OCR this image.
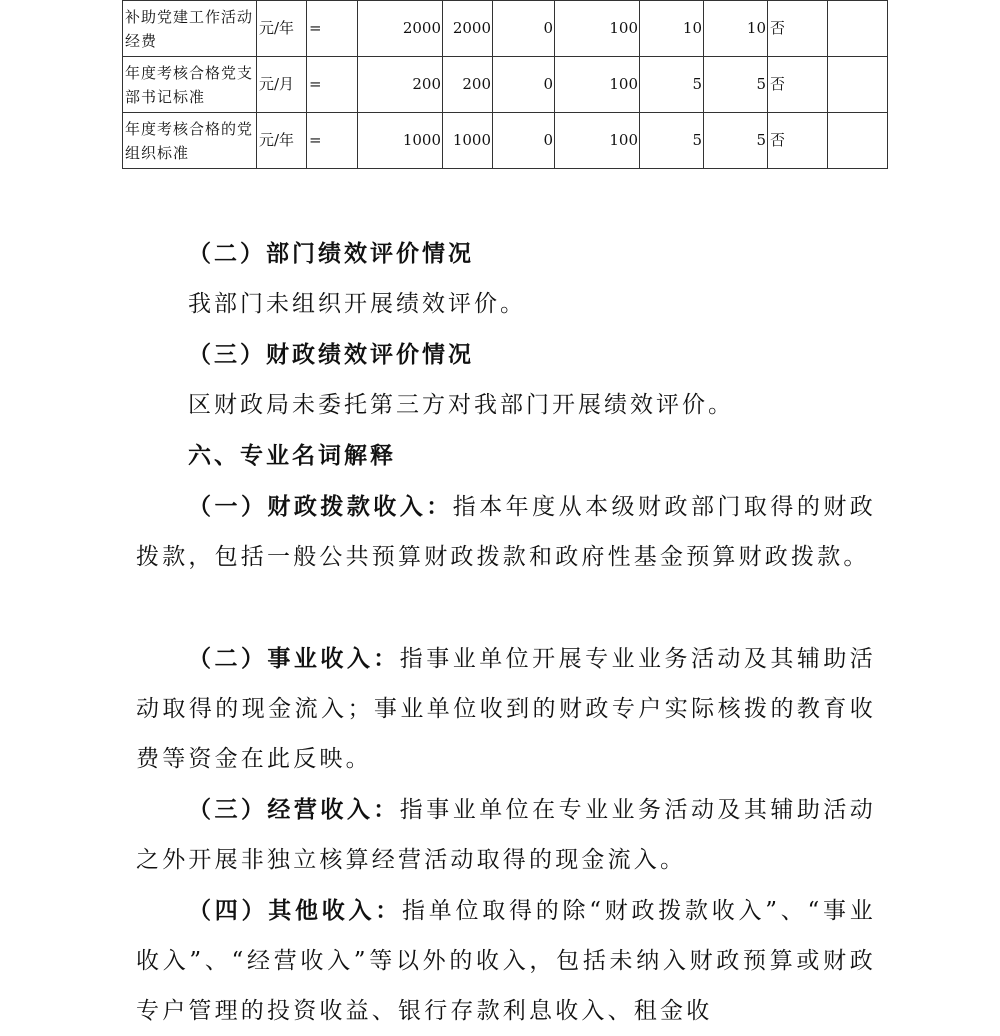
补助党建工作活动经费	元/年	=	2000	2000	0	100	10	10	否	
年度考核合格党支部书记标准	元/月	=	200	200	0	100	5	5	否	
年度考核合格的党组织标准	元/年	=	1000	1000	0	100	5	5	否	
（二）部门绩效评价情况
我部门未组织开展绩效评价。
（三）财政绩效评价情况
区财政局未委托第三方对我部门开展绩效评价。
六、专业名词解释
（一）财政拨款收入：指本年度从本级财政部门取得的财政拨款，包括一般公共预算财政拨款和政府性基金预算财政拨款。
（二）事业收入：指事业单位开展专业业务活动及其辅助活动取得的现金流入；事业单位收到的财政专户实际核拨的教育收费等资金在此反映。
（三）经营收入：指事业单位在专业业务活动及其辅助活动之外开展非独立核算经营活动取得的现金流入。
（四）其他收入：指单位取得的除“财政拨款收入”、“事业收入”、“经营收入”等以外的收入，包括未纳入财政预算或财政专户管理的投资收益、银行存款利息收入、租金收
